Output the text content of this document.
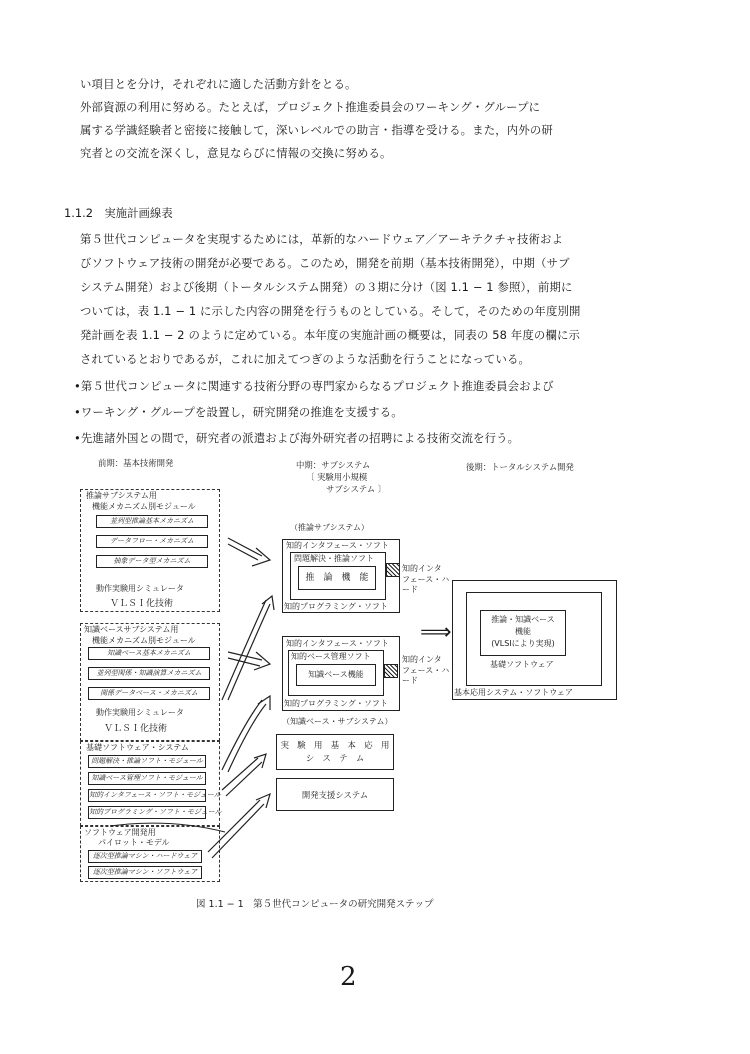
い項目とを分け，それぞれに適した活動方針をとる。
外部資源の利用に努める。たとえば，プロジェクト推進委員会のワーキング・グループに
属する学識経験者と密接に接触して，深いレベルでの助言・指導を受ける。また，内外の研
究者との交流を深くし，意見ならびに情報の交換に努める。
1.1.2　実施計画線表
第５世代コンピュータを実現するためには，革新的なハードウェア／アーキテクチャ技術およ
びソフトウェア技術の開発が必要である。このため，開発を前期（基本技術開発），中期（サブ
システム開発）および後期（トータルシステム開発）の３期に分け（図 1.1 − 1 参照），前期に
ついては，表 1.1 − 1 に示した内容の開発を行うものとしている。そして，そのための年度別開
発計画を表 1.1 − 2 のように定めている。本年度の実施計画の概要は，同表の 58 年度の欄に示
されているとおりであるが，これに加えてつぎのような活動を行うことになっている。
•第５世代コンピュータに関連する技術分野の専門家からなるプロジェクト推進委員会および
•ワーキング・グループを設置し，研究開発の推進を支援する。
•先進諸外国との間で，研究者の派遣および海外研究者の招聘による技術交流を行う。
前期：基本技術開発	中期：サブシステム
〔 実験用小規模
サブシステム 〕
後期：トータルシステム開発
推論サブシステム用
機能メカニズム別モジュール
並列型推論基本メカニズム
データフロー・メカニズム
抽象データ型メカニズム
動作実験用シミュレータ
ＶＬＳＩ化技術
知識ベースサブシステム用
機能メカニズム別モジュール
知識ベース基本メカニズム
並列型関係・知識演算メカニズム
関係データベース・メカニズム
動作実験用シミュレータ
ＶＬＳＩ化技術
基礎ソフトウェア・システム
問題解決・推論ソフト・モジュール
知識ベース管理ソフト・モジュール
知的インタフェース・ソフト・モジュール
知的プログラミング・ソフト・モジュール
ソフトウェア開発用
パイロット・モデル
逐次型推論マシン・ハードウェア
逐次型推論マシン・ソフトウェア
（推論サブシステム）
知的インタフェース・ソフト
問題解決・推論ソフト
推　論　機　能
知的インタ
フェース・ハ
ード
知的プログラミング・ソフト
知的インタフェース・ソフト
知的ベース管理ソフト
知識ベース機能
知的インタ
フェース・ハ
ード
知的プログラミング・ソフト
（知識ベース・サブシステム）
実　験　用　基　本　応　用
シ　ス　テ　ム
開発支援システム
⟹
推論・知識ベース
機能
(VLSIにより実現)
基礎ソフトウェア
基本応用システム・ソフトウェア
図 1.1 − 1　第５世代コンピュータの研究開発ステップ
2
